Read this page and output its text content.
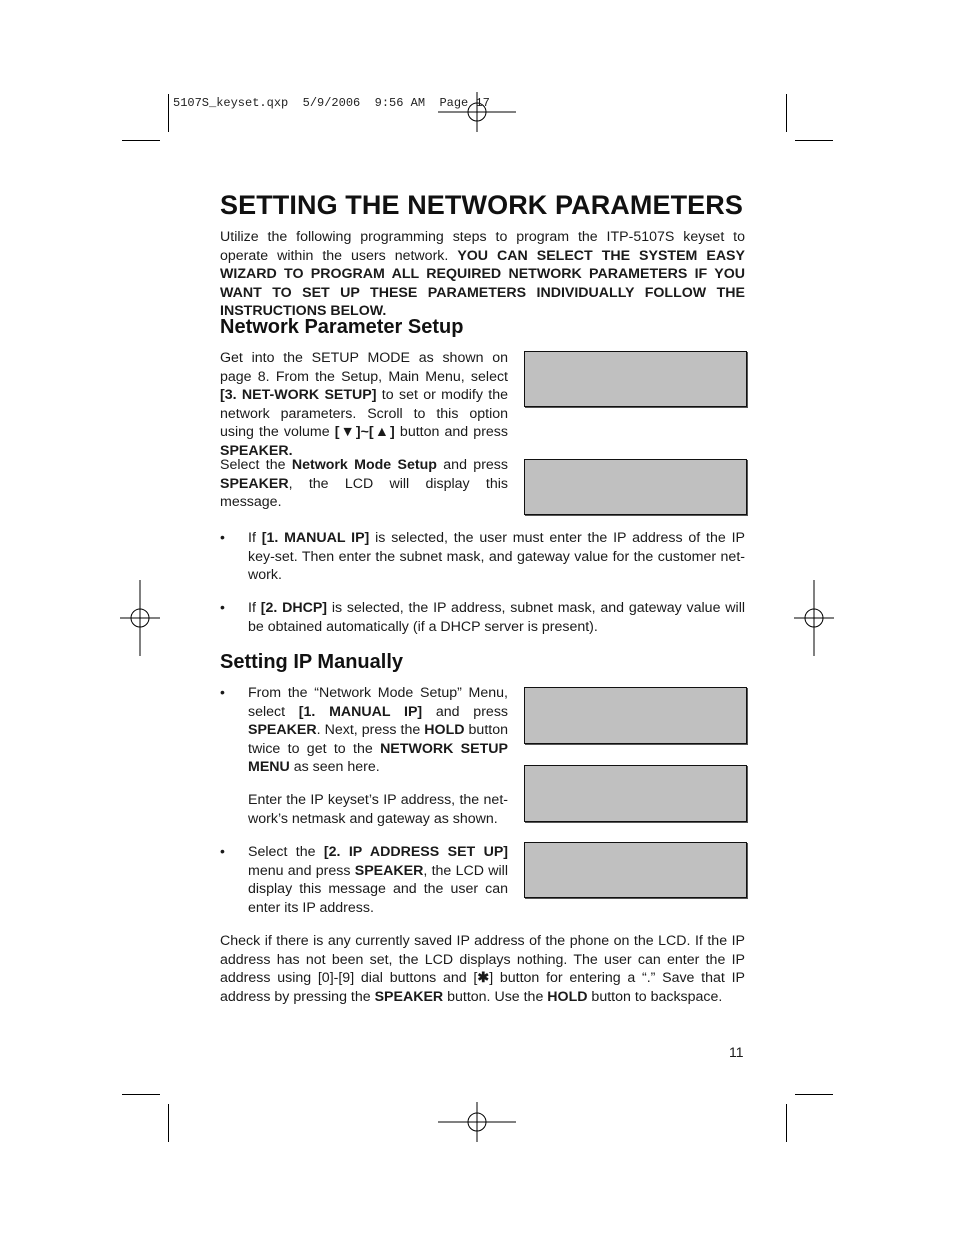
5107S_keyset.qxp  5/9/2006  9:56 AM  Page 17
SETTING THE NETWORK PARAMETERS
Utilize the following programming steps to program the ITP-5107S keyset to operate within the users network. YOU CAN SELECT THE SYSTEM EASY WIZARD TO PROGRAM ALL REQUIRED NETWORK PARAMETERS IF YOU WANT TO SET UP THESE PARAMETERS INDIVIDUALLY FOLLOW THE INSTRUCTIONS BELOW.
Network Parameter Setup
Get into the SETUP MODE as shown on page 8. From the Setup, Main Menu, select [3. NET-WORK SETUP] to set or modify the network parameters. Scroll to this option using the volume [▼]~[▲] button and press SPEAKER.
Select the Network Mode Setup and press SPEAKER, the LCD will display this message.
• If [1. MANUAL IP] is selected, the user must enter the IP address of the IP key-set. Then enter the subnet mask, and gateway value for the customer net-work.
• If [2. DHCP] is selected, the IP address, subnet mask, and gateway value will be obtained automatically (if a DHCP server is present).
Setting IP Manually
• From the “Network Mode Setup” Menu, select [1. MANUAL IP] and press SPEAKER. Next, press the HOLD button twice to get to the NETWORK SETUP MENU as seen here.
Enter the IP keyset’s IP address, the net-work’s netmask and gateway as shown.
• Select the [2. IP ADDRESS SET UP] menu and press SPEAKER, the LCD will display this message and the user can enter its IP address.
Check if there is any currently saved IP address of the phone on the LCD. If the IP address has not been set, the LCD displays nothing. The user can enter the IP address using [0]-[9] dial buttons and [✱] button for entering a “.” Save that IP address by pressing the SPEAKER button. Use the HOLD button to backspace.
11
